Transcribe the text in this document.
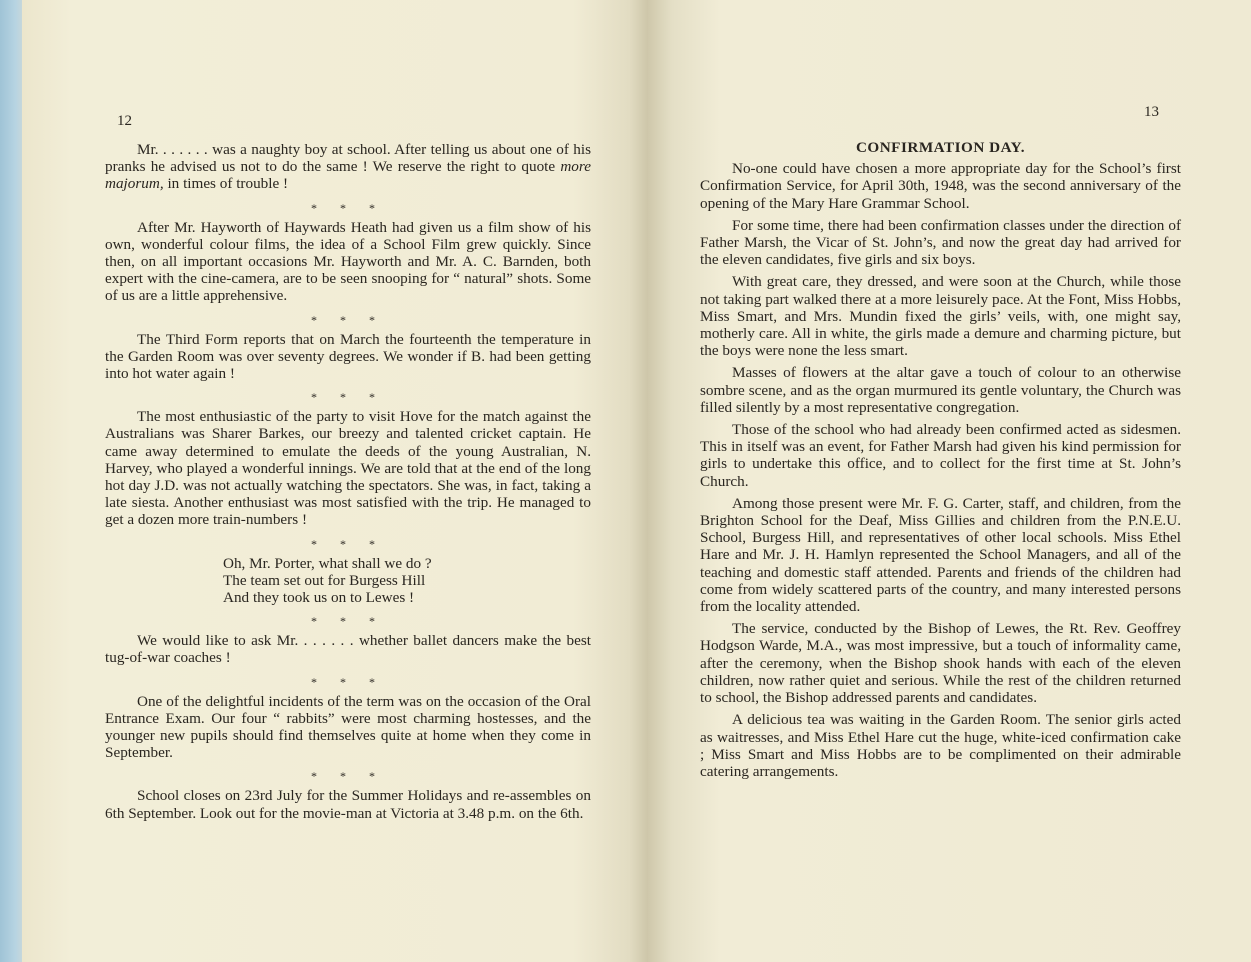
12

Mr. . . . . . . was a naughty boy at school. After telling us about one of his pranks he advised us not to do the same ! We reserve the right to quote more majorum, in times of trouble !

* * *

After Mr. Hayworth of Haywards Heath had given us a film show of his own, wonderful colour films, the idea of a School Film grew quickly. Since then, on all important occasions Mr. Hayworth and Mr. A. C. Barnden, both expert with the cine-camera, are to be seen snooping for “ natural” shots. Some of us are a little apprehensive.

* * *

The Third Form reports that on March the fourteenth the temperature in the Garden Room was over seventy degrees. We wonder if B. had been getting into hot water again !

* * *

The most enthusiastic of the party to visit Hove for the match against the Australians was Sharer Barkes, our breezy and talented cricket captain. He came away determined to emulate the deeds of the young Australian, N. Harvey, who played a wonderful innings. We are told that at the end of the long hot day J.D. was not actually watching the spectators. She was, in fact, taking a late siesta. Another enthusiast was most satisfied with the trip. He managed to get a dozen more train-numbers !

* * *
Oh, Mr. Porter, what shall we do ?
The team set out for Burgess Hill
And they took us on to Lewes !
* * *

We would like to ask Mr. . . . . . . whether ballet dancers make the best tug-of-war coaches !

* * *

One of the delightful incidents of the term was on the occasion of the Oral Entrance Exam. Our four “ rabbits” were most charming hostesses, and the younger new pupils should find themselves quite at home when they come in September.

* * *

School closes on 23rd July for the Summer Holidays and re-assembles on 6th September. Look out for the movie-man at Victoria at 3.48 p.m. on the 6th.

13
CONFIRMATION DAY.

No-one could have chosen a more appropriate day for the School’s first Confirmation Service, for April 30th, 1948, was the second anniversary of the opening of the Mary Hare Grammar School.

For some time, there had been confirmation classes under the direction of Father Marsh, the Vicar of St. John’s, and now the great day had arrived for the eleven candidates, five girls and six boys.

With great care, they dressed, and were soon at the Church, while those not taking part walked there at a more leisurely pace. At the Font, Miss Hobbs, Miss Smart, and Mrs. Mundin fixed the girls’ veils, with, one might say, motherly care. All in white, the girls made a demure and charming picture, but the boys were none the less smart.

Masses of flowers at the altar gave a touch of colour to an otherwise sombre scene, and as the organ murmured its gentle voluntary, the Church was filled silently by a most representative congregation.

Those of the school who had already been confirmed acted as sidesmen. This in itself was an event, for Father Marsh had given his kind permission for girls to undertake this office, and to collect for the first time at St. John’s Church.

Among those present were Mr. F. G. Carter, staff, and children, from the Brighton School for the Deaf, Miss Gillies and children from the P.N.E.U. School, Burgess Hill, and representatives of other local schools. Miss Ethel Hare and Mr. J. H. Hamlyn represented the School Managers, and all of the teaching and domestic staff attended. Parents and friends of the children had come from widely scattered parts of the country, and many interested persons from the locality attended.

The service, conducted by the Bishop of Lewes, the Rt. Rev. Geoffrey Hodgson Warde, M.A., was most impressive, but a touch of informality came, after the ceremony, when the Bishop shook hands with each of the eleven children, now rather quiet and serious. While the rest of the children returned to school, the Bishop addressed parents and candidates.

A delicious tea was waiting in the Garden Room. The senior girls acted as waitresses, and Miss Ethel Hare cut the huge, white-iced confirmation cake ; Miss Smart and Miss Hobbs are to be complimented on their admirable catering arrangements.
